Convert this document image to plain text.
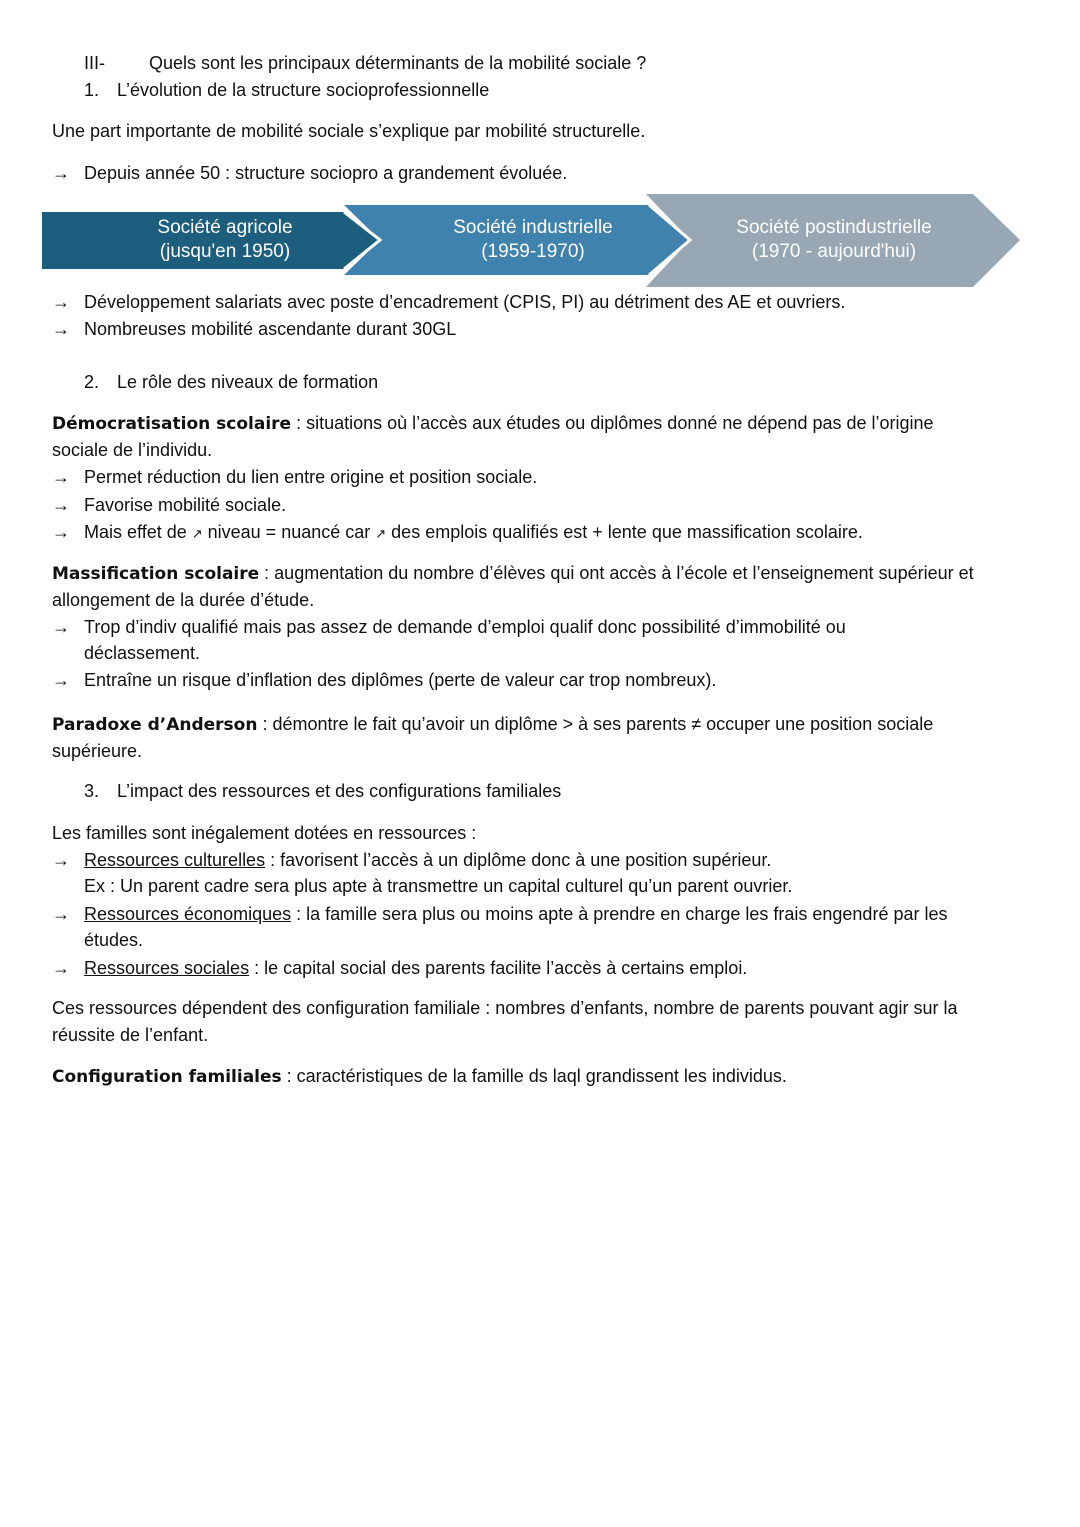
III- Quels sont les principaux déterminants de la mobilité sociale ?
1. L’évolution de la structure socioprofessionnelle
Une part importante de mobilité sociale s’explique par mobilité structurelle.
→ Depuis année 50 : structure sociopro a grandement évoluée.
Société agricole
(jusqu'en 1950)
Société industrielle
(1959-1970)
Société postindustrielle
(1970 - aujourd'hui)
→ Développement salariats avec poste d’encadrement (CPIS, PI) au détriment des AE et ouvriers.
→ Nombreuses mobilité ascendante durant 30GL
2. Le rôle des niveaux de formation
Démocratisation scolaire : situations où l’accès aux études ou diplômes donné ne dépend pas de l’origine
sociale de l’individu.
→ Permet réduction du lien entre origine et position sociale.
→ Favorise mobilité sociale.
→ Mais effet de ↗ niveau = nuancé car ↗ des emplois qualifiés est + lente que massification scolaire.
Massification scolaire : augmentation du nombre d’élèves qui ont accès à l’école et l’enseignement supérieur et
allongement de la durée d’étude.
→ Trop d’indiv qualifié mais pas assez de demande d’emploi qualif donc possibilité d’immobilité ou
déclassement.
→ Entraîne un risque d’inflation des diplômes (perte de valeur car trop nombreux).
Paradoxe d’Anderson : démontre le fait qu’avoir un diplôme > à ses parents ≠ occuper une position sociale
supérieure.
3. L’impact des ressources et des configurations familiales
Les familles sont inégalement dotées en ressources :
→ Ressources culturelles : favorisent l’accès à un diplôme donc à une position supérieur.
Ex : Un parent cadre sera plus apte à transmettre un capital culturel qu’un parent ouvrier.
→ Ressources économiques : la famille sera plus ou moins apte à prendre en charge les frais engendré par les
études.
→ Ressources sociales : le capital social des parents facilite l’accès à certains emploi.
Ces ressources dépendent des configuration familiale : nombres d’enfants, nombre de parents pouvant agir sur la
réussite de l’enfant.
Configuration familiales : caractéristiques de la famille ds laql grandissent les individus.
